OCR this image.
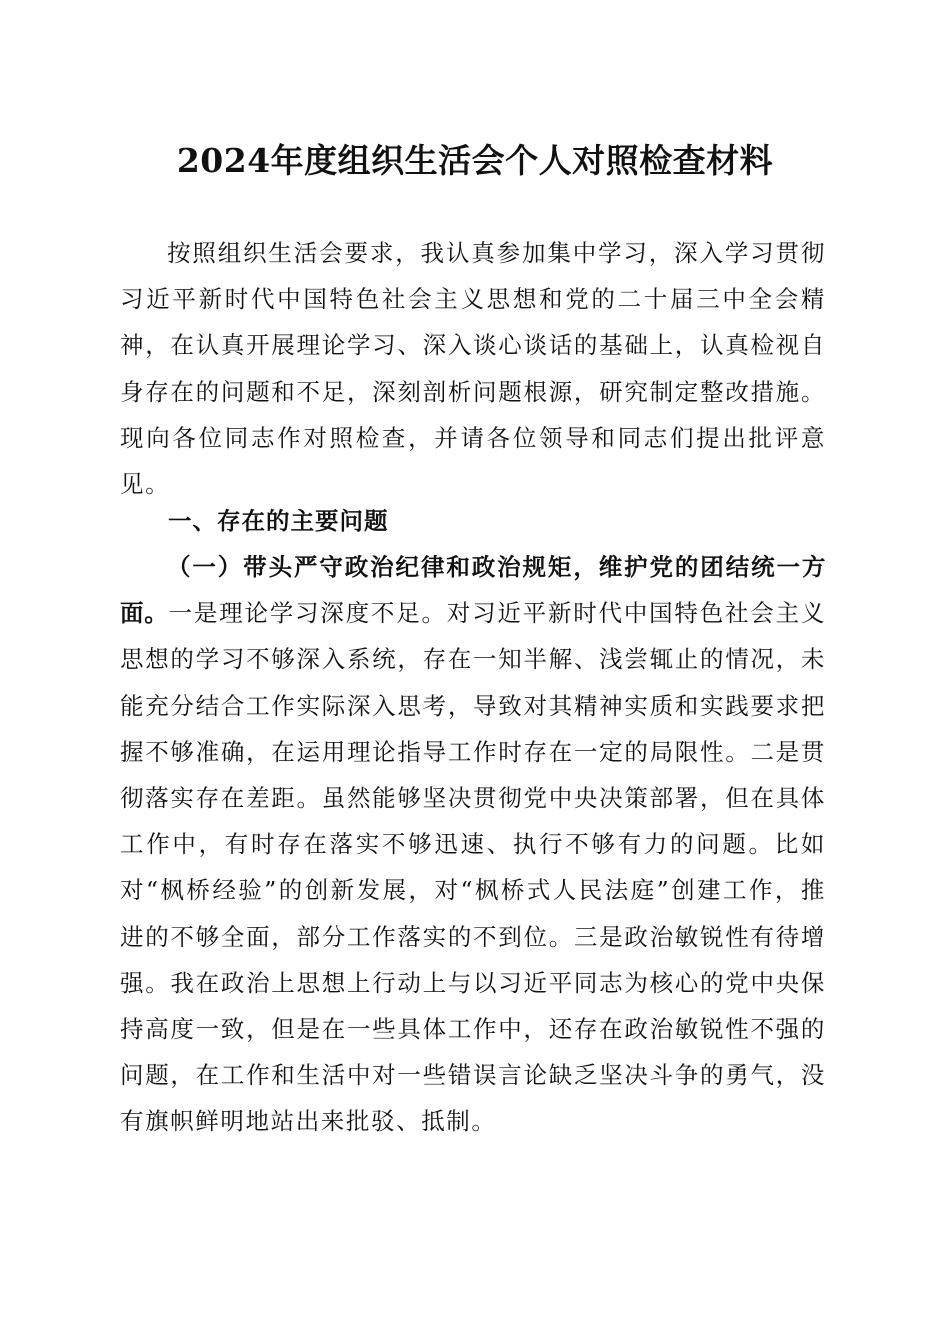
2024年度组织生活会个人对照检查材料

按照组织生活会要求，我认真参加集中学习，深入学习贯彻习近平新时代中国特色社会主义思想和党的二十届三中全会精神，在认真开展理论学习、深入谈心谈话的基础上，认真检视自身存在的问题和不足，深刻剖析问题根源，研究制定整改措施。现向各位同志作对照检查，并请各位领导和同志们提出批评意见。

一、存在的主要问题

（一）带头严守政治纪律和政治规矩，维护党的团结统一方面。一是理论学习深度不足。对习近平新时代中国特色社会主义思想的学习不够深入系统，存在一知半解、浅尝辄止的情况，未能充分结合工作实际深入思考，导致对其精神实质和实践要求把握不够准确，在运用理论指导工作时存在一定的局限性。二是贯彻落实存在差距。虽然能够坚决贯彻党中央决策部署，但在具体工作中，有时存在落实不够迅速、执行不够有力的问题。比如对“枫桥经验”的创新发展，对“枫桥式人民法庭”创建工作，推进的不够全面，部分工作落实的不到位。三是政治敏锐性有待增强。我在政治上思想上行动上与以习近平同志为核心的党中央保持高度一致，但是在一些具体工作中，还存在政治敏锐性不强的问题，在工作和生活中对一些错误言论缺乏坚决斗争的勇气，没有旗帜鲜明地站出来批驳、抵制。
